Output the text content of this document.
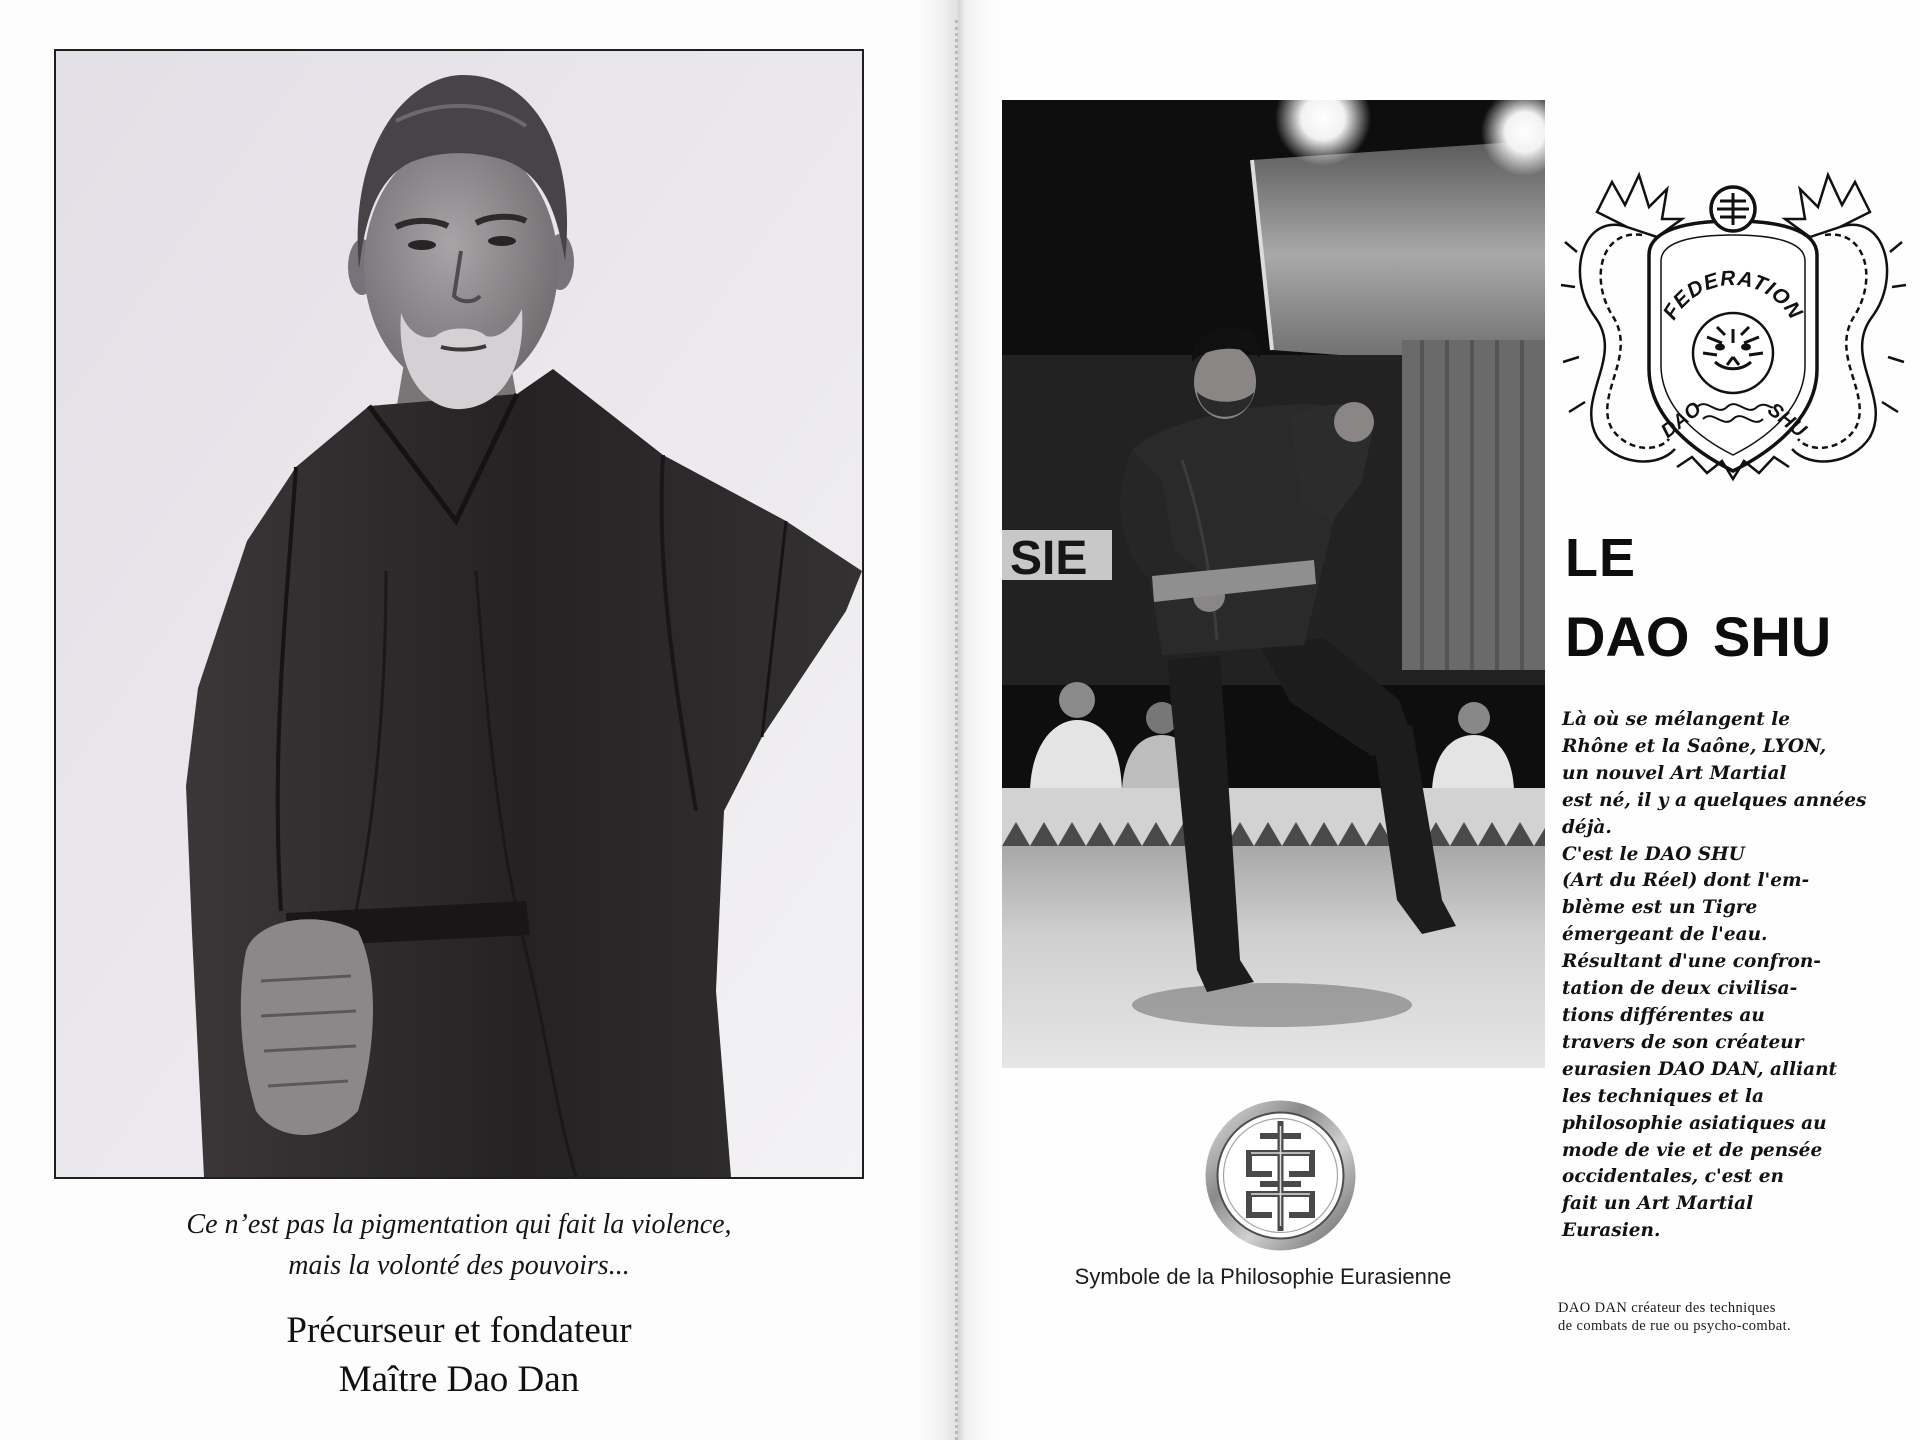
Ce n’est pas la pigmentation qui fait la violence,
mais la volonté des pouvoirs...
Précurseur et fondateur
Maître Dao Dan
SIE
FEDERATION
DAO	SHU
LE
DAO SHU
Là où se mélangent le
Rhône et la Saône, LYON,
un nouvel Art Martial
est né, il y a quelques années
déjà.
C'est le DAO SHU
(Art du Réel) dont l'em-
blème est un Tigre
émergeant de l'eau.
Résultant d'une confron-
tation de deux civilisa-
tions différentes au
travers de son créateur
eurasien DAO DAN, alliant
les techniques et la
philosophie asiatiques au
mode de vie et de pensée
occidentales, c'est en
fait un Art Martial
Eurasien.
Symbole de la Philosophie Eurasienne
DAO DAN créateur des techniques
de combats de rue ou psycho-combat.
